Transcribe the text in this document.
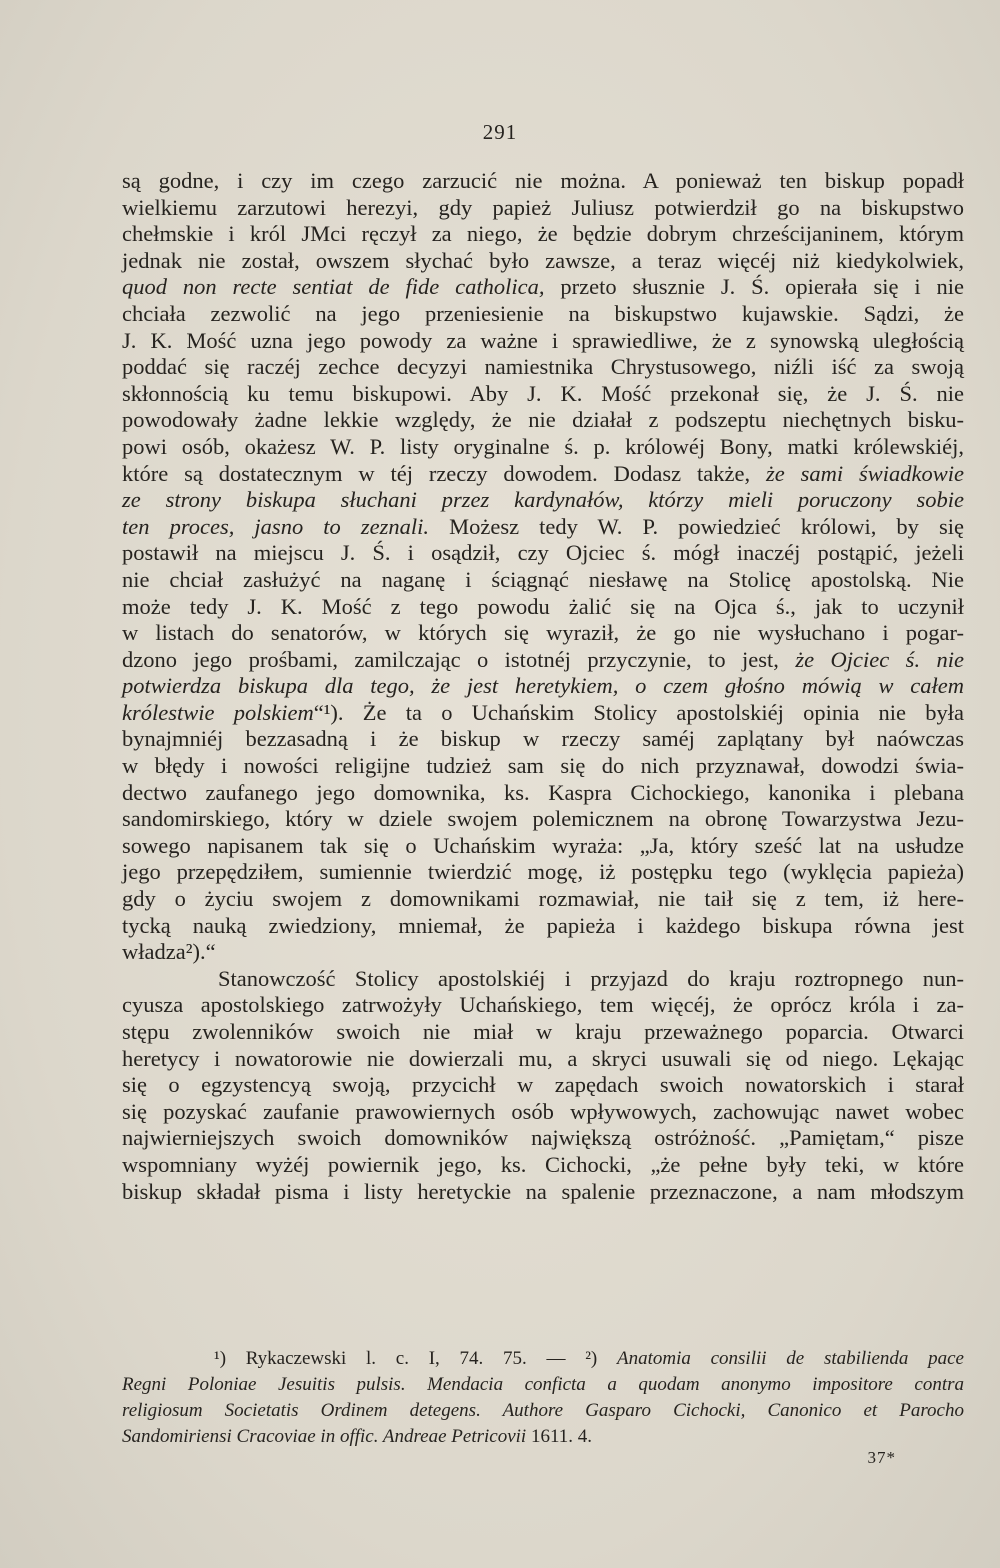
291
są godne, i czy im czego zarzucić nie można. A ponieważ ten biskup popadł
wielkiemu zarzutowi herezyi, gdy papież Juliusz potwierdził go na biskupstwo
chełmskie i król JMci ręczył za niego, że będzie dobrym chrześcijaninem, którym
jednak nie został, owszem słychać było zawsze, a teraz więcéj niż kiedykolwiek,
quod non recte sentiat de fide catholica, przeto słusznie J. Ś. opierała się i nie
chciała zezwolić na jego przeniesienie na biskupstwo kujawskie. Sądzi, że
J. K. Mość uzna jego powody za ważne i sprawiedliwe, że z synowską uległością
poddać się raczéj zechce decyzyi namiestnika Chrystusowego, niźli iść za swoją
skłonnością ku temu biskupowi. Aby J. K. Mość przekonał się, że J. Ś. nie
powodowały żadne lekkie względy, że nie działał z podszeptu niechętnych bisku-
powi osób, okażesz W. P. listy oryginalne ś. p. królowéj Bony, matki królewskiéj,
które są dostatecznym w téj rzeczy dowodem. Dodasz także, że sami świadkowie
ze strony biskupa słuchani przez kardynałów, którzy mieli poruczony sobie
ten proces, jasno to zeznali. Możesz tedy W. P. powiedzieć królowi, by się
postawił na miejscu J. Ś. i osądził, czy Ojciec ś. mógł inaczéj postąpić, jeżeli
nie chciał zasłużyć na naganę i ściągnąć niesławę na Stolicę apostolską. Nie
może tedy J. K. Mość z tego powodu żalić się na Ojca ś., jak to uczynił
w listach do senatorów, w których się wyraził, że go nie wysłuchano i pogar-
dzono jego prośbami, zamilczając o istotnéj przyczynie, to jest, że Ojciec ś. nie
potwierdza biskupa dla tego, że jest heretykiem, o czem głośno mówią w całem
królestwie polskiem“¹). Że ta o Uchańskim Stolicy apostolskiéj opinia nie była
bynajmniéj bezzasadną i że biskup w rzeczy saméj zaplątany był naówczas
w błędy i nowości religijne tudzież sam się do nich przyznawał, dowodzi świa-
dectwo zaufanego jego domownika, ks. Kaspra Cichockiego, kanonika i plebana
sandomirskiego, który w dziele swojem polemicznem na obronę Towarzystwa Jezu-
sowego napisanem tak się o Uchańskim wyraża: „Ja, który sześć lat na usłudze
jego przepędziłem, sumiennie twierdzić mogę, iż postępku tego (wyklęcia papieża)
gdy o życiu swojem z domownikami rozmawiał, nie tаił się z tem, iż here-
tycką nauką zwiedziony, mniemał, że papieża i każdego biskupa równa jest
władza²).“
Stanowczość Stolicy apostolskiéj i przyjazd do kraju roztropnego nun-
cyusza apostolskiego zatrwożyły Uchańskiego, tem więcéj, że oprócz króla i za-
stępu zwolenników swoich nie miał w kraju przeważnego poparcia. Otwarci
heretycy i nowatorowie nie dowierzali mu, a skryci usuwali się od niego. Lękając
się o egzystencyą swoją, przycichł w zapędach swoich nowatorskich i starał
się pozyskać zaufanie prawowiernych osób wpływowych, zachowując nawet wobec
najwierniejszych swoich domowników największą ostróżność. „Pamiętam,“ pisze
wspomniany wyżéj powiernik jego, ks. Cichocki, „że pełne były teki, w które
biskup składał pisma i listy heretyckie na spalenie przeznaczone, a nam młodszym
¹) Rykaczewski l. c. I, 74. 75. — ²) Anatomia consilii de stabilienda pace
Regni Poloniae Jesuitis pulsis. Mendacia conficta a quodam anonymo impositore contra
religiosum Societatis Ordinem detegens. Authore Gasparo Cichocki, Canonico et Parocho
Sandomiriensi Cracoviae in offic. Andreae Petricovii 1611. 4.
37*
